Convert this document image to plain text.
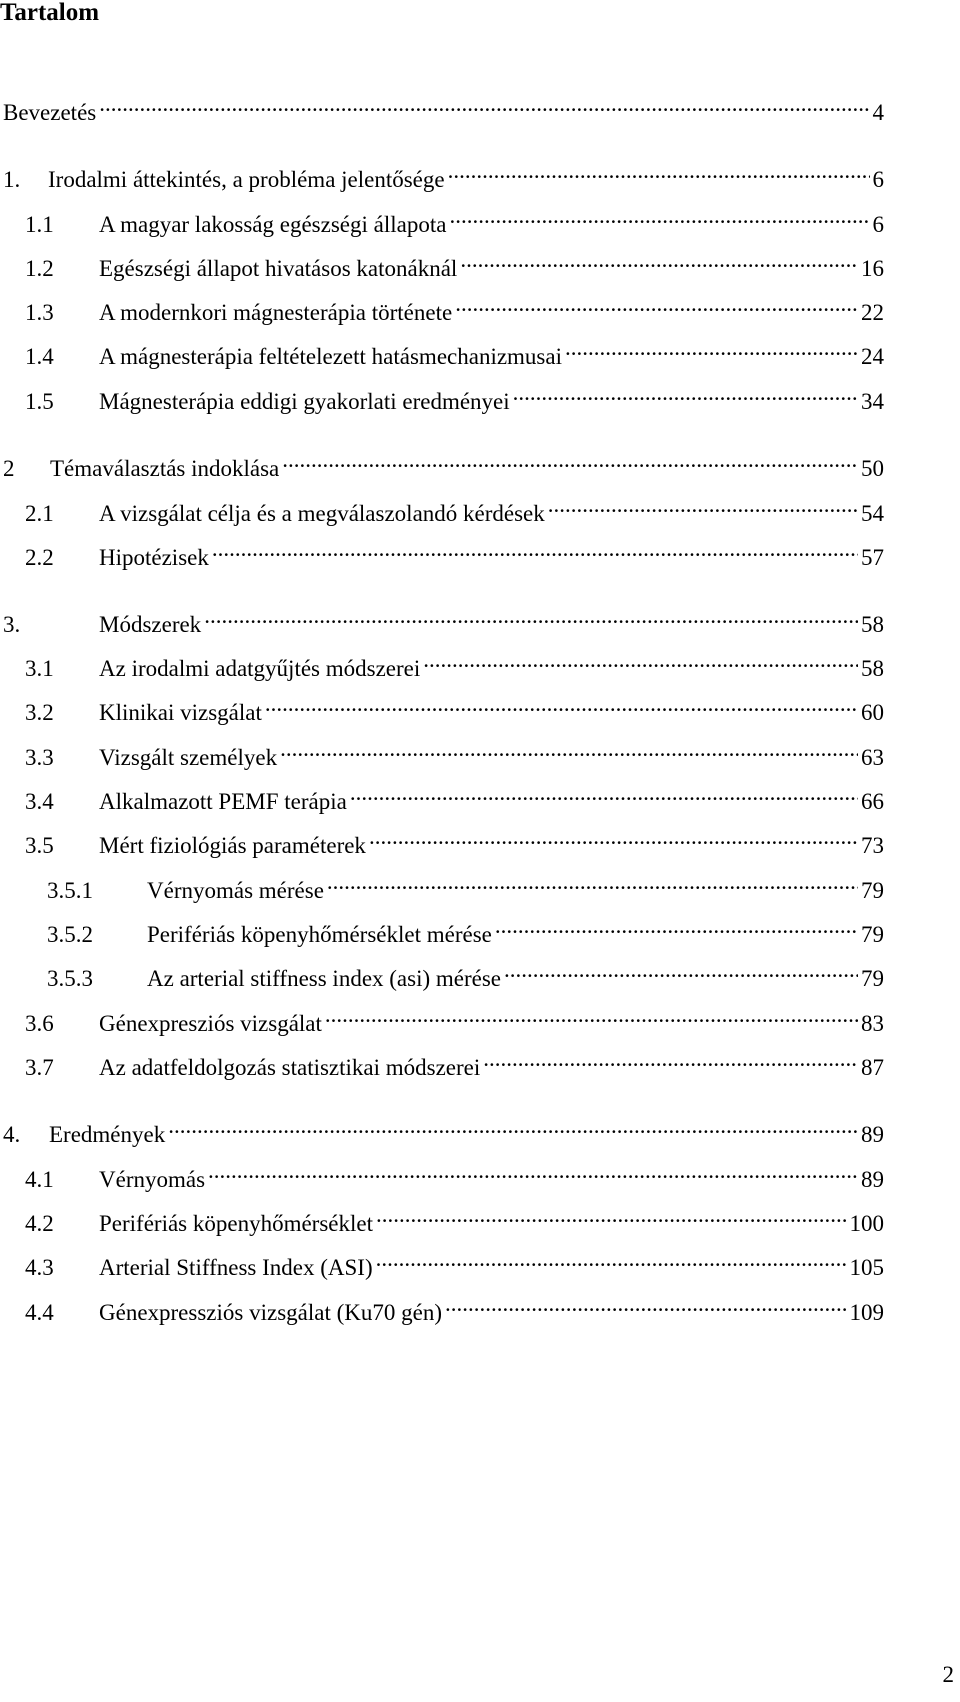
Tartalom
Bevezetés .....	4
1.	Irodalmi áttekintés, a probléma jelentősége .....	6
1.1	A magyar lakosság egészségi állapota .....	6
1.2	Egészségi állapot hivatásos katonáknál .....	16
1.3	A modernkori mágnesterápia története .....	22
1.4	A mágnesterápia feltételezett hatásmechanizmusai .....	24
1.5	Mágnesterápia eddigi gyakorlati eredményei .....	34
2	Témaválasztás indoklása .....	50
2.1	A vizsgálat célja és a megválaszolandó kérdések .....	54
2.2	Hipotézisek .....	57
3.	Módszerek .....	58
3.1	Az irodalmi adatgyűjtés módszerei .....	58
3.2	Klinikai vizsgálat .....	60
3.3	Vizsgált személyek .....	63
3.4	Alkalmazott PEMF terápia .....	66
3.5	Mért fiziológiás paraméterek .....	73
3.5.1	Vérnyomás mérése .....	79
3.5.2	Perifériás köpenyhőmérséklet mérése .....	79
3.5.3	Az arterial stiffness index (asi) mérése .....	79
3.6	Génexpresziós vizsgálat .....	83
3.7	Az adatfeldolgozás statisztikai módszerei .....	87
4.	Eredmények .....	89
4.1	Vérnyomás .....	89
4.2	Perifériás köpenyhőmérséklet .....	100
4.3	Arterial Stiffness Index (ASI) .....	105
4.4	Génexpressziós vizsgálat (Ku70 gén) .....	109
2
